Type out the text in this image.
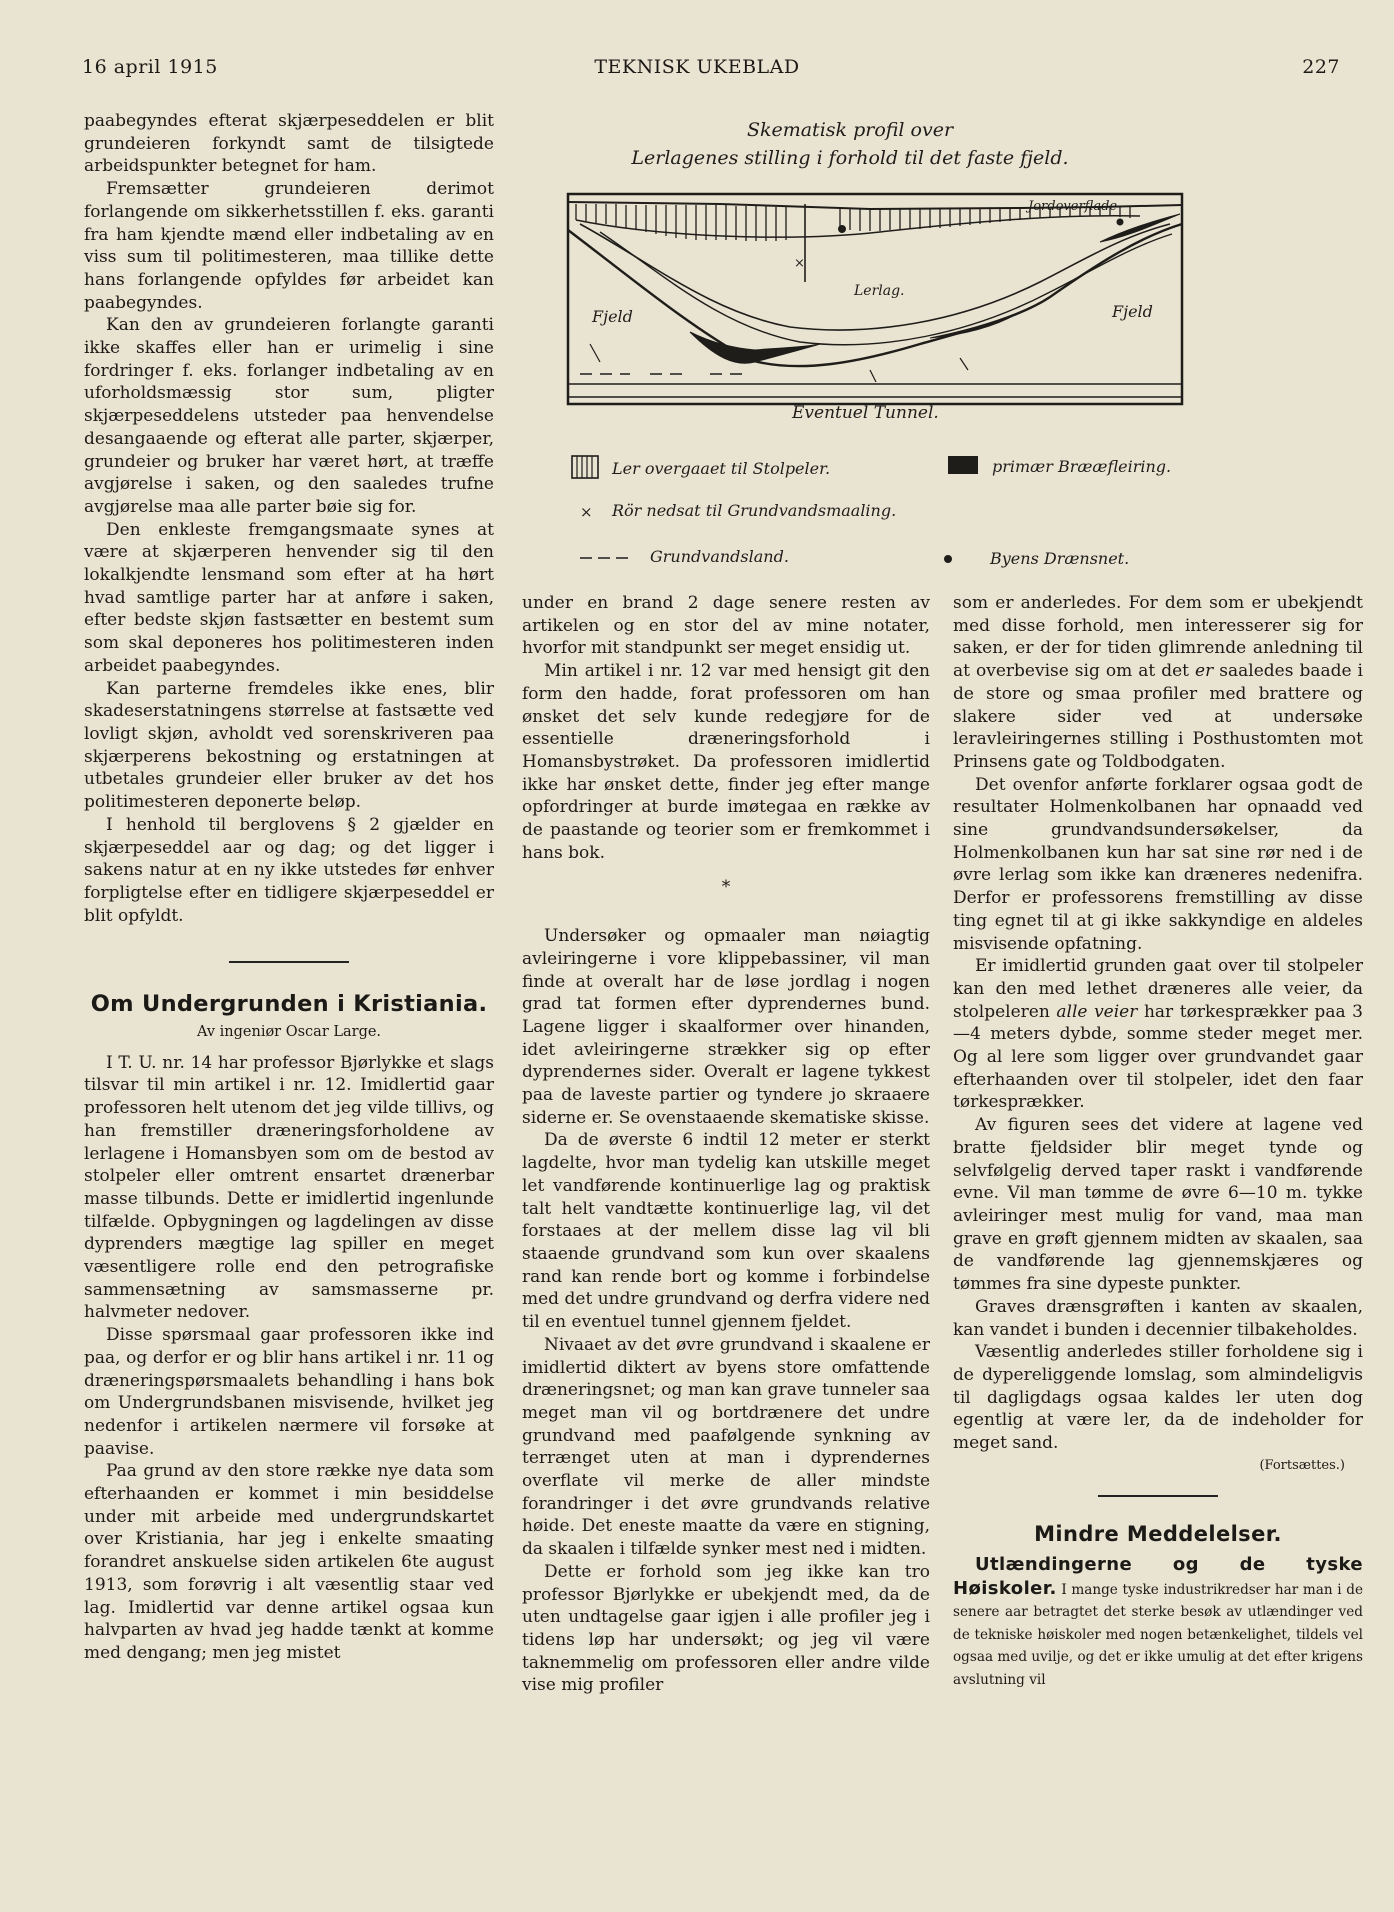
16 april 1915	TEKNISK UKEBLAD	227
Skematisk profil over
Lerlagenes stilling i forhold til det faste fjeld.
×
Jordoverflade
Lerlag.
Fjeld	Fjeld
Eventuel Tunnel.
Ler overgaaet til Stolpeler.	primær Brææfleiring.
× Rör nedsat til Grundvandsmaaling.
Grundvandsland.	Byens Drænsnet.

paabegyndes efterat skjærpeseddelen er blit grundeieren forkyndt samt de tilsigtede arbeidspunkter betegnet for ham.

Fremsætter grundeieren derimot forlangende om sikkerhetsstillen f. eks. garanti fra ham kjendte mænd eller indbetaling av en viss sum til politimesteren, maa tillike dette hans forlangende opfyldes før arbeidet kan paabegyndes.

Kan den av grundeieren forlangte garanti ikke skaffes eller han er urimelig i sine fordringer f. eks. forlanger indbetaling av en uforholdsmæssig stor sum, pligter skjærpeseddelens utsteder paa henvendelse desangaaende og efterat alle parter, skjærper, grundeier og bruker har været hørt, at træffe avgjørelse i saken, og den saaledes trufne avgjørelse maa alle parter bøie sig for.

Den enkleste fremgangsmaate synes at være at skjærperen henvender sig til den lokalkjendte lensmand som efter at ha hørt hvad samtlige parter har at anføre i saken, efter bedste skjøn fastsætter en bestemt sum som skal deponeres hos politimesteren inden arbeidet paabegyndes.

Kan parterne fremdeles ikke enes, blir skadeserstatningens størrelse at fastsætte ved lovligt skjøn, avholdt ved sorenskriveren paa skjærperens bekostning og erstatningen at utbetales grundeier eller bruker av det hos politimesteren deponerte beløp.

I henhold til berglovens § 2 gjælder en skjærpeseddel aar og dag; og det ligger i sakens natur at en ny ikke utstedes før enhver forpligtelse efter en tidligere skjærpeseddel er blit opfyldt.

Om Undergrunden i Kristiania.
Av ingeniør Oscar Large.

I T. U. nr. 14 har professor Bjørlykke et slags tilsvar til min artikel i nr. 12. Imidlertid gaar professoren helt utenom det jeg vilde tillivs, og han fremstiller dræneringsforholdene av lerlagene i Homansbyen som om de bestod av stolpeler eller omtrent ensartet drænerbar masse tilbunds. Dette er imidlertid ingenlunde tilfælde. Opbygningen og lagdelingen av disse dyprenders mægtige lag spiller en meget væsentligere rolle end den petrografiske sammensætning av samsmasserne pr. halvmeter nedover.

Disse spørsmaal gaar professoren ikke ind paa, og derfor er og blir hans artikel i nr. 11 og dræneringspørsmaalets behandling i hans bok om Undergrundsbanen misvisende, hvilket jeg nedenfor i artikelen nærmere vil forsøke at paavise.

Paa grund av den store række nye data som efterhaanden er kommet i min besiddelse under mit arbeide med undergrundskartet over Kristiania, har jeg i enkelte smaating forandret anskuelse siden artikelen 6te august 1913, som forøvrig i alt væsentlig staar ved lag. Imidlertid var denne artikel ogsaa kun halvparten av hvad jeg hadde tænkt at komme med dengang; men jeg mistet

under en brand 2 dage senere resten av artikelen og en stor del av mine notater, hvorfor mit standpunkt ser meget ensidig ut.

Min artikel i nr. 12 var med hensigt git den form den hadde, forat professoren om han ønsket det selv kunde redegjøre for de essentielle dræneringsforhold i Homansbystrøket. Da professoren imidlertid ikke har ønsket dette, finder jeg efter mange opfordringer at burde imøtegaa en række av de paastande og teorier som er fremkommet i hans bok.

*

Undersøker og opmaaler man nøiagtig avleiringerne i vore klippebassiner, vil man finde at overalt har de løse jordlag i nogen grad tat formen efter dyprendernes bund. Lagene ligger i skaalformer over hinanden, idet avleiringerne strækker sig op efter dyprendernes sider. Overalt er lagene tykkest paa de laveste partier og tyndere jo skraaere siderne er. Se ovenstaaende skematiske skisse.

Da de øverste 6 indtil 12 meter er sterkt lagdelte, hvor man tydelig kan utskille meget let vandførende kontinuerlige lag og praktisk talt helt vandtætte kontinuerlige lag, vil det forstaaes at der mellem disse lag vil bli staaende grundvand som kun over skaalens rand kan rende bort og komme i forbindelse med det undre grundvand og derfra videre ned til en eventuel tunnel gjennem fjeldet.

Nivaaet av det øvre grundvand i skaalene er imidlertid diktert av byens store omfattende dræneringsnet; og man kan grave tunneler saa meget man vil og bortdrænere det undre grundvand med paafølgende synkning av terrænget uten at man i dyprendernes overflate vil merke de aller mindste forandringer i det øvre grundvands relative høide. Det eneste maatte da være en stigning, da skaalen i tilfælde synker mest ned i midten.

Dette er forhold som jeg ikke kan tro professor Bjørlykke er ubekjendt med, da de uten undtagelse gaar igjen i alle profiler jeg i tidens løp har undersøkt; og jeg vil være taknemmelig om professoren eller andre vilde vise mig profiler

som er anderledes. For dem som er ubekjendt med disse forhold, men interesserer sig for saken, er der for tiden glimrende anledning til at overbevise sig om at det er saaledes baade i de store og smaa profiler med brattere og slakere sider ved at undersøke leravleiringernes stilling i Posthustomten mot Prinsens gate og Toldbodgaten.

Det ovenfor anførte forklarer ogsaa godt de resultater Holmenkolbanen har opnaadd ved sine grundvandsundersøkelser, da Holmenkolbanen kun har sat sine rør ned i de øvre lerlag som ikke kan dræneres nedenifra. Derfor er professorens fremstilling av disse ting egnet til at gi ikke sakkyndige en aldeles misvisende opfatning.

Er imidlertid grunden gaat over til stolpeler kan den med lethet dræneres alle veier, da stolpeleren alle veier har tørkesprækker paa 3—4 meters dybde, somme steder meget mer. Og al lere som ligger over grundvandet gaar efterhaanden over til stolpeler, idet den faar tørkesprækker.

Av figuren sees det videre at lagene ved bratte fjeldsider blir meget tynde og selvfølgelig derved taper raskt i vandførende evne. Vil man tømme de øvre 6—10 m. tykke avleiringer mest mulig for vand, maa man grave en grøft gjennem midten av skaalen, saa de vandførende lag gjennemskjæres og tømmes fra sine dypeste punkter.

Graves drænsgrøften i kanten av skaalen, kan vandet i bunden i decennier tilbakeholdes.

Væsentlig anderledes stiller forholdene sig i de dypereliggende lomslag, som almindeligvis til dagligdags ogsaa kaldes ler uten dog egentlig at være ler, da de indeholder for meget sand.

(Fortsættes.)
Mindre Meddelelser.

Utlændingerne og de tyske Høiskoler. I mange tyske industrikredser har man i de senere aar betragtet det sterke besøk av utlændinger ved de tekniske høiskoler med nogen betænkelighet, tildels vel ogsaa med uvilje, og det er ikke umulig at det efter krigens avslutning vil
